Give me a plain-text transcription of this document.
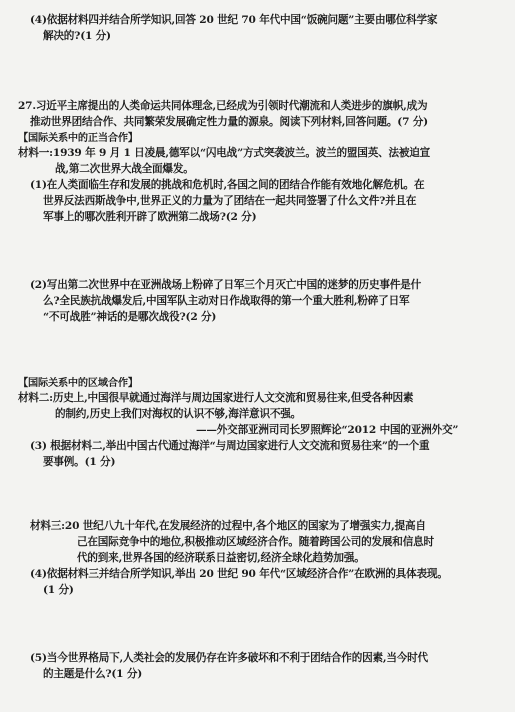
(4)依据材料四并结合所学知识,回答 20 世纪 70 年代中国“饭碗问题”主要由哪位科学家
解决的?(1 分)
27.习近平主席提出的人类命运共同体理念,已经成为引领时代潮流和人类进步的旗帜,成为
推动世界团结合作、共同繁荣发展确定性力量的源泉。阅读下列材料,回答问题。(7 分)
【国际关系中的正当合作】
材料一:1939 年 9 月 1 日凌晨,德军以“闪电战”方式突袭波兰。波兰的盟国英、法被迫宣
战,第二次世界大战全面爆发。
(1)在人类面临生存和发展的挑战和危机时,各国之间的团结合作能有效地化解危机。在
世界反法西斯战争中,世界正义的力量为了团结在一起共同签署了什么文件?并且在
军事上的哪次胜利开辟了欧洲第二战场?(2 分)
(2)写出第二次世界中在亚洲战场上粉碎了日军三个月灭亡中国的迷梦的历史事件是什
么?全民族抗战爆发后,中国军队主动对日作战取得的第一个重大胜利,粉碎了日军
“不可战胜”神话的是哪次战役?(2 分)
【国际关系中的区域合作】
材料二:历史上,中国很早就通过海洋与周边国家进行人文交流和贸易往来,但受各种因素
的制约,历史上我们对海权的认识不够,海洋意识不强。
——外交部亚洲司司长罗照辉论“2012 中国的亚洲外交”
(3) 根据材料二,举出中国古代通过海洋“与周边国家进行人文交流和贸易往来”的一个重
要事例。(1 分)
材料三:20 世纪八九十年代,在发展经济的过程中,各个地区的国家为了增强实力,提高自
己在国际竞争中的地位,积极推动区域经济合作。随着跨国公司的发展和信息时
代的到来,世界各国的经济联系日益密切,经济全球化趋势加强。
(4)依据材料三并结合所学知识,举出 20 世纪 90 年代“区域经济合作”在欧洲的具体表现。
(1 分)
(5)当今世界格局下,人类社会的发展仍存在许多破坏和不利于团结合作的因素,当今时代
的主题是什么?(1 分)
